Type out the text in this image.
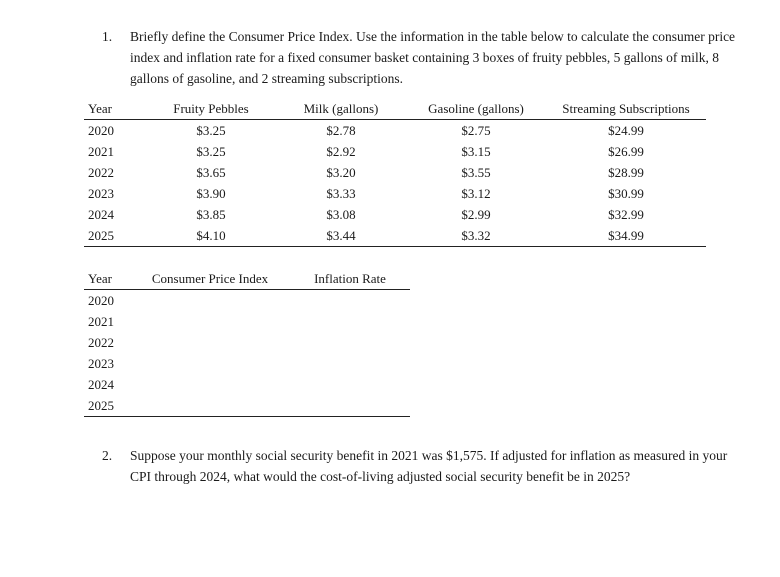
1.	Briefly define the Consumer Price Index. Use the information in the table below to calculate the consumer price index and inflation rate for a fixed consumer basket containing 3 boxes of fruity pebbles, 5 gallons of milk, 8 gallons of gasoline, and 2 streaming subscriptions.
Year	Fruity Pebbles	Milk (gallons)	Gasoline (gallons)	Streaming Subscriptions
2020	$3.25	$2.78	$2.75	$24.99
2021	$3.25	$2.92	$3.15	$26.99
2022	$3.65	$3.20	$3.55	$28.99
2023	$3.90	$3.33	$3.12	$30.99
2024	$3.85	$3.08	$2.99	$32.99
2025	$4.10	$3.44	$3.32	$34.99
Year	Consumer Price Index	Inflation Rate
2020		
2021		
2022		
2023		
2024		
2025		
2.	Suppose your monthly social security benefit in 2021 was $1,575. If adjusted for inflation as measured in your CPI through 2024, what would the cost-of-living adjusted social security benefit be in 2025?
